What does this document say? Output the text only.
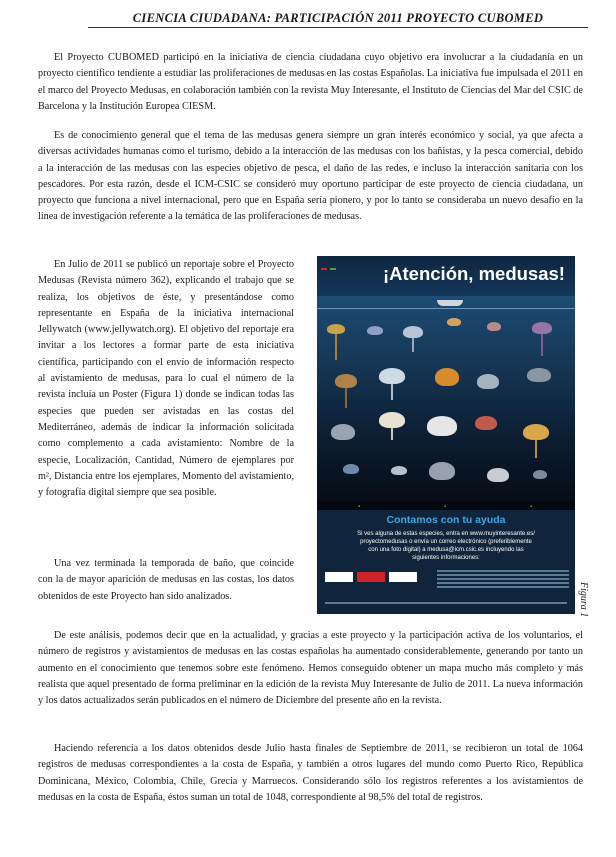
CIENCIA CIUDADANA: PARTICIPACIÓN 2011 PROYECTO CUBOMED

El Proyecto CUBOMED participó en la iniciativa de ciencia ciudadana cuyo objetivo era involucrar a la ciudadanía en un proyecto científico tendiente a estudiar las proliferaciones de medusas en las costas Españolas. La iniciativa fue impulsada el 2011 en el marco del Proyecto Medusas, en colaboración también con la revista Muy Interesante, el Instituto de Ciencias del Mar del CSIC de Barcelona y la Institución Europea CIESM.

Es de conocimiento general que el tema de las medusas genera siempre un gran interés económico y social, ya que afecta a diversas actividades humanas como el turismo, debido a la interacción de las medusas con los bañistas, y la pesca comercial, debido a la interacción de las medusas con las especies objetivo de pesca, el daño de las redes, e incluso la interacción sanitaria con los pescadores. Por esta razón, desde el ICM-CSIC se consideró muy oportuno participar de este proyecto de ciencia ciudadana, un proyecto que funciona a nivel internacional, pero que en España sería pionero, y por lo tanto se consideraba un nuevo desafío en la línea de investigación referente a la temática de las proliferaciones de medusas.

En Julio de 2011 se publicó un reportaje sobre el Proyecto Medusas (Revista número 362), explicando el trabajo que se realiza, los objetivos de éste, y presentándose como representante en España de la iniciativa internacional Jellywatch (www.jellywatch.org). El objetivo del reportaje era invitar a los lectores a formar parte de esta iniciativa científica, participando con el envío de información respecto al avistamiento de medusas, para lo cual el número de la revista incluía un Poster (Figura 1) donde se indican todas las especies que pueden ser avistadas en las costas del Mediterráneo, además de indicar la información solicitada como complemento a cada avistamiento: Nombre de la especie, Localización, Cantidad, Número de ejemplares por m², Distancia entre los ejemplares, Momento del avistamiento, y fotografía digital siempre que sea posible.

Una vez terminada la temporada de baño, que coincide con la de mayor aparición de medusas en las costas, los datos obtenidos de este Proyecto han sido analizados.

De este análisis, podemos decir que en la actualidad, y gracias a este proyecto y la participación activa de los voluntarios, el número de registros y avistamientos de medusas en las costas españolas ha aumentado considerablemente, generando por tanto un aumento en el conocimiento que tenemos sobre este fenómeno. Hemos conseguido obtener un mapa mucho más completo y más realista que aquel presentado de forma preliminar en la edición de la revista Muy Interesante de Julio de 2011. La nueva información y los datos actualizados serán publicados en el número de Diciembre del presente año en la revista.

Haciendo referencia a los datos obtenidos desde Julio hasta finales de Septiembre de 2011, se recibieron un total de 1064 registros de medusas correspondientes a la costa de España, y también a otros lugares del mundo como Puerto Rico, República Dominicana, México, Colombia, Chile, Grecia y Marruecos. Considerando sólo los registros referentes a los avistamientos de medusas en la costa de España, éstos suman un total de 1048, correspondiente al 98,5% del total de registros.

¡Atención, medusas!
●
●
●
Contamos con tu ayuda
Si ves alguna de estas especies, entra en www.muyinteresante.es/
proyectomedusas o envía un correo electrónico (preferiblemente
con una foto digital) a medusa@icm.csic.es incluyendo las
siguientes informaciones:
Figura 1
